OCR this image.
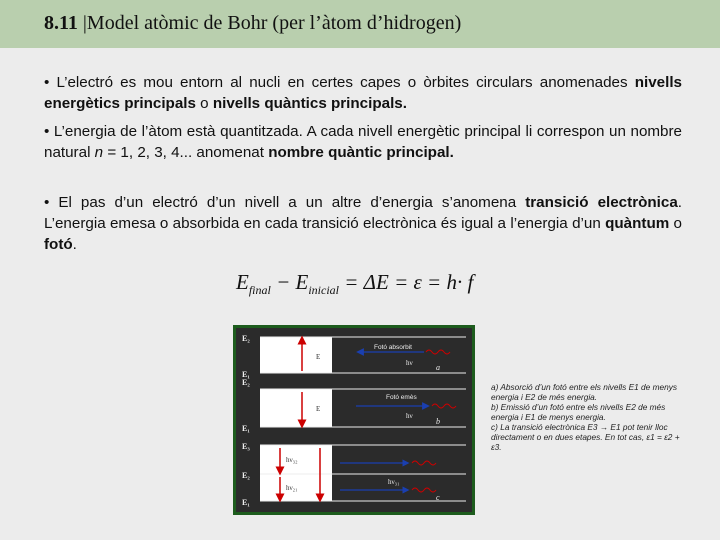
8.11 |Model atòmic de Bohr (per l’àtom d’hidrogen)
• L’electró es mou entorn al nucli en certes capes o òrbites circulars anomenades nivells energètics principals o nivells quàntics principals.
• L’energia de l’àtom està quantitzada. A cada nivell energètic principal li correspon un nombre natural n = 1, 2, 3, 4... anomenat nombre quàntic principal.
• El pas d’un electró d’un nivell a un altre d’energia s’anomena transició electrònica. L’energia emesa o absorbida en cada transició electrònica és igual a l’energia d’un quàntum o fotó.
$E_{final} - E_{inicial} = \Delta E = \varepsilon = h\cdot f$
E₂
E₁
E
Fotó absorbit
hν	a
E₂
E₁
E
Fotó emès
hν
b
E₃
E₂
E₁
hν₃₂
hν₃₁
hν₂₁
c
a) Absorció d’un fotó entre els nivells E1 de menys energia i E2 de més energia.
b) Emissió d’un fotó entre els nivells E2 de més energia i E1 de menys energia.
c) La transició electrònica E3 → E1 pot tenir lloc directament o en dues etapes. En tot cas, ε1 = ε2 + ε3.
